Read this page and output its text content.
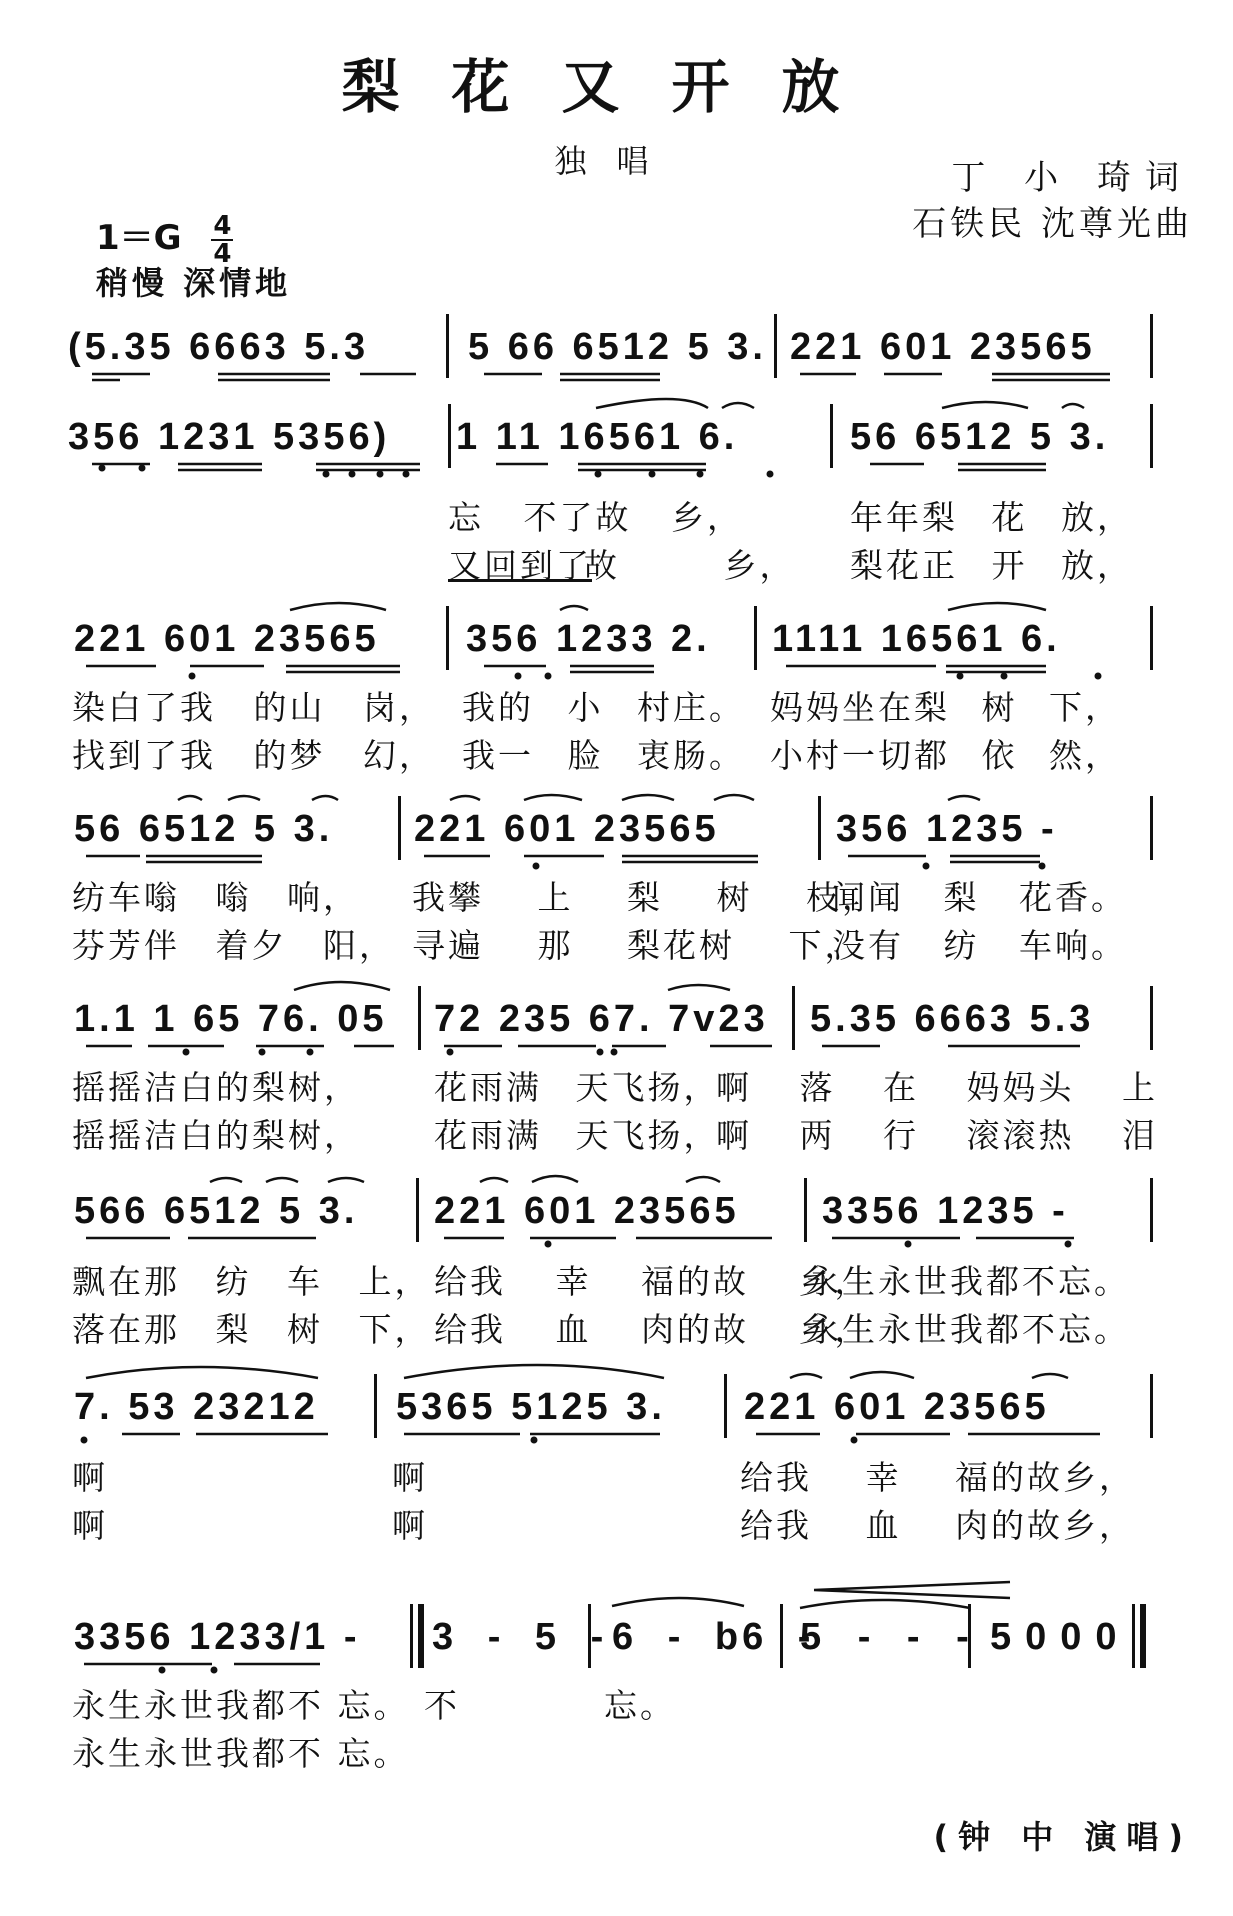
梨花又开放
独唱	丁 小 琦词
石铁民 沈尊光曲
$1=G \frac{4}{4}$
稍慢 深情地
(5.35 6663 5.3	5 66 6512 5 3. 221 601 23565
356 1231 5356) 1 11 16561 6.	56 6512 5 3.
忘 不了故 乡，	年年梨 花 放，
又回到了
故 乡， 梨花正 开 放，
221 601 23565 356 1233 2. 1111 16561 6.
染白了我 的山 岗， 我的 小 村庄。 妈妈坐在梨 树 下，
找到了我 的梦 幻， 我一 脸 衷肠。 小村一切都 依 然，
56 6512 5 3. 221 601 23565	356 1235 -
纺车嗡 嗡 响， 我攀 上 梨 树 枝，
闻闻 梨 花香。
芬芳伴 着夕 阳， 寻遍 那 梨花树 下，
没有 纺 车响。
1.1 1 65 76. 05 72 235 67. 7v23 5.35 6663 5.3
摇摇洁白的梨树， 花雨满 天飞扬，
啊 落 在 妈妈头 上
摇摇洁白的梨树， 花雨满 天飞扬，
啊 两 行 滚滚热 泪
566 6512 5 3. 221 601 23565 3356 1235 -
飘在那 纺 车 上， 给我 幸 福的故 乡，
永生永世我都不忘。
落在那 梨 树 下， 给我 血 肉的故 乡，
永生永世我都不忘。
7. 53 23212 5365 5125 3. 221 601 23565
啊	啊	给我 幸 福的故乡，
啊	啊	给我 血 肉的故乡，
3356 1233/1 - 3 - 5 - 6 - b6 -
5 - - - 5000
永生永世我都不 忘。 不	忘。
永生永世我都不 忘。
(钟 中 演唱)
